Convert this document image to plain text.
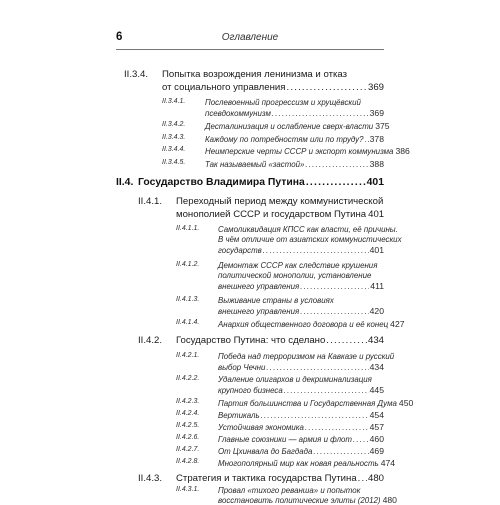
6	Оглавление
II.3.4. Попытка возрождения ленинизма и отказ
от социального управления .....	369
II.3.4.1. Послевоенный прогрессизм и хрущёвский
псевдокоммунизм .....	369
II.3.4.2. Десталинизация и ослабление сверх-власти 375
II.3.4.3. Каждому по потребностям или по труду? ..... 378
II.3.4.4. Неимперские черты СССР и экспорт коммунизма 386
II.3.4.5. Так называемый «застой» .....	388
II.4. Государство Владимира Путина .....	401
II.4.1. Переходный период между коммунистической
монополией СССР и государством Путина 401
II.4.1.1. Самоликвидация КПСС как власти, её причины.
В чём отличие от азиатских коммунистических
государств .....	401
II.4.1.2. Демонтаж СССР как следствие крушения
политической монополии, установление
внешнего управления .....	411
II.4.1.3. Выживание страны в условиях
внешнего управления .....	420
II.4.1.4. Анархия общественного договора и её конец 427
II.4.2. Государство Путина: что сделано .....	434
II.4.2.1. Победа над терроризмом на Кавказе и русский
выбор Чечни .....	434
II.4.2.2. Удаление олигархов и декриминализация
крупного бизнеса .....	445
II.4.2.3. Партия большинства и Государственная Дума 450
II.4.2.4. Вертикаль .....	454
II.4.2.5. Устойчивая экономика .....	457
II.4.2.6. Главные союзники — армия и флот ..... 460
II.4.2.7. От Цхинвала до Багдада .....	469
II.4.2.8. Многополярный мир как новая реальность 474
II.4.3. Стратегия и тактика государства Путина ..... 480
II.4.3.1. Провал «тихого реванша» и попыток
восстановить политические элиты (2012) 480
